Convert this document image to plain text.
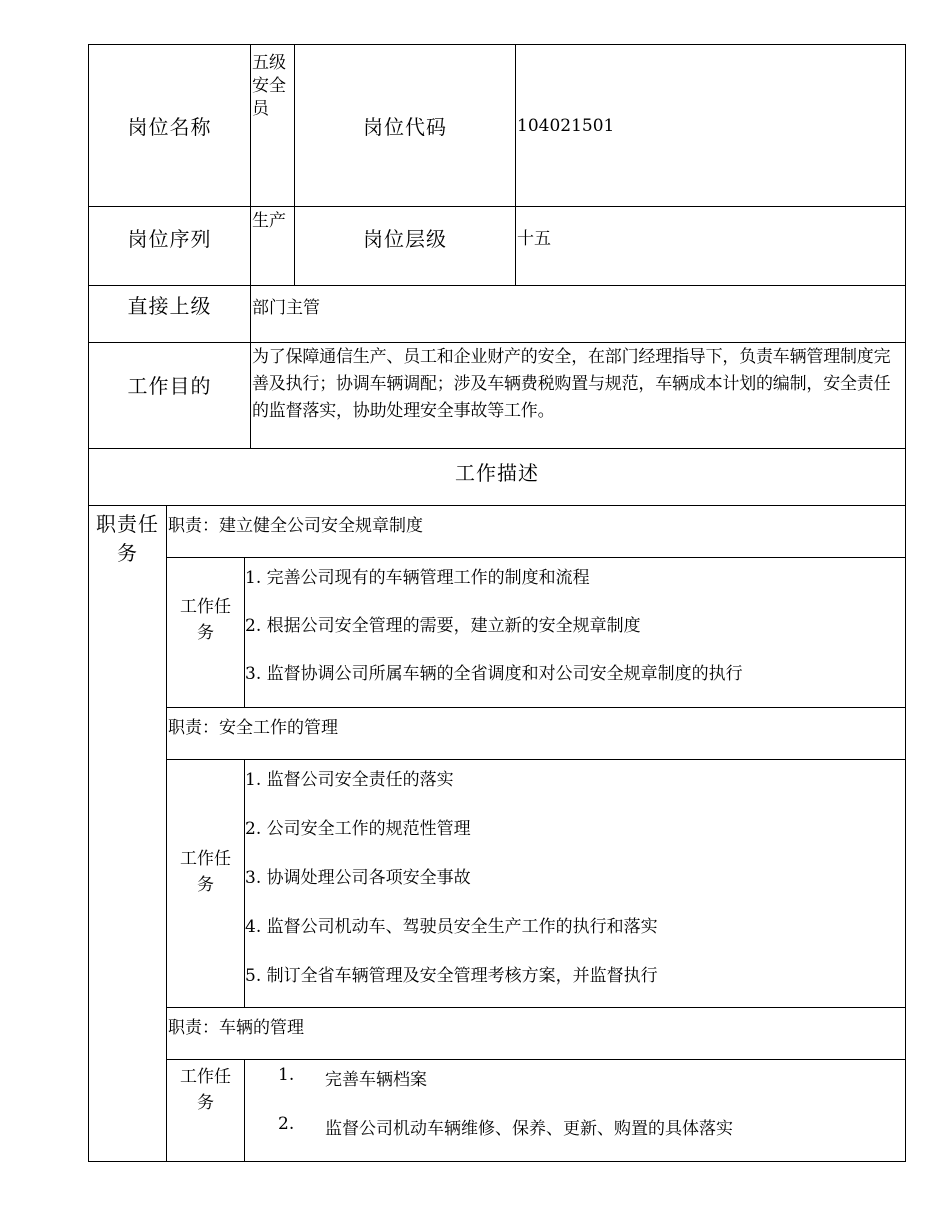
岗位名称
五级安全员
岗位代码	104021501
岗位序列
生产
岗位层级	十五
直接上级 部门主管
工作目的
为了保障通信生产、员工和企业财产的安全，在部门经理指导下，负责车辆管理制度完善及执行；协调车辆调配；涉及车辆费税购置与规范，车辆成本计划的编制，安全责任的监督落实，协助处理安全事故等工作。
工作描述
职责任务
职责：建立健全公司安全规章制度
工作任务
1. 完善公司现有的车辆管理工作的制度和流程
2. 根据公司安全管理的需要，建立新的安全规章制度
3. 监督协调公司所属车辆的全省调度和对公司安全规章制度的执行
职责：安全工作的管理
工作任务
1. 监督公司安全责任的落实
2. 公司安全工作的规范性管理
3. 协调处理公司各项安全事故
4. 监督公司机动车、驾驶员安全生产工作的执行和落实
5. 制订全省车辆管理及安全管理考核方案，并监督执行
职责：车辆的管理
工作任务
1. 完善车辆档案
2. 监督公司机动车辆维修、保养、更新、购置的具体落实
